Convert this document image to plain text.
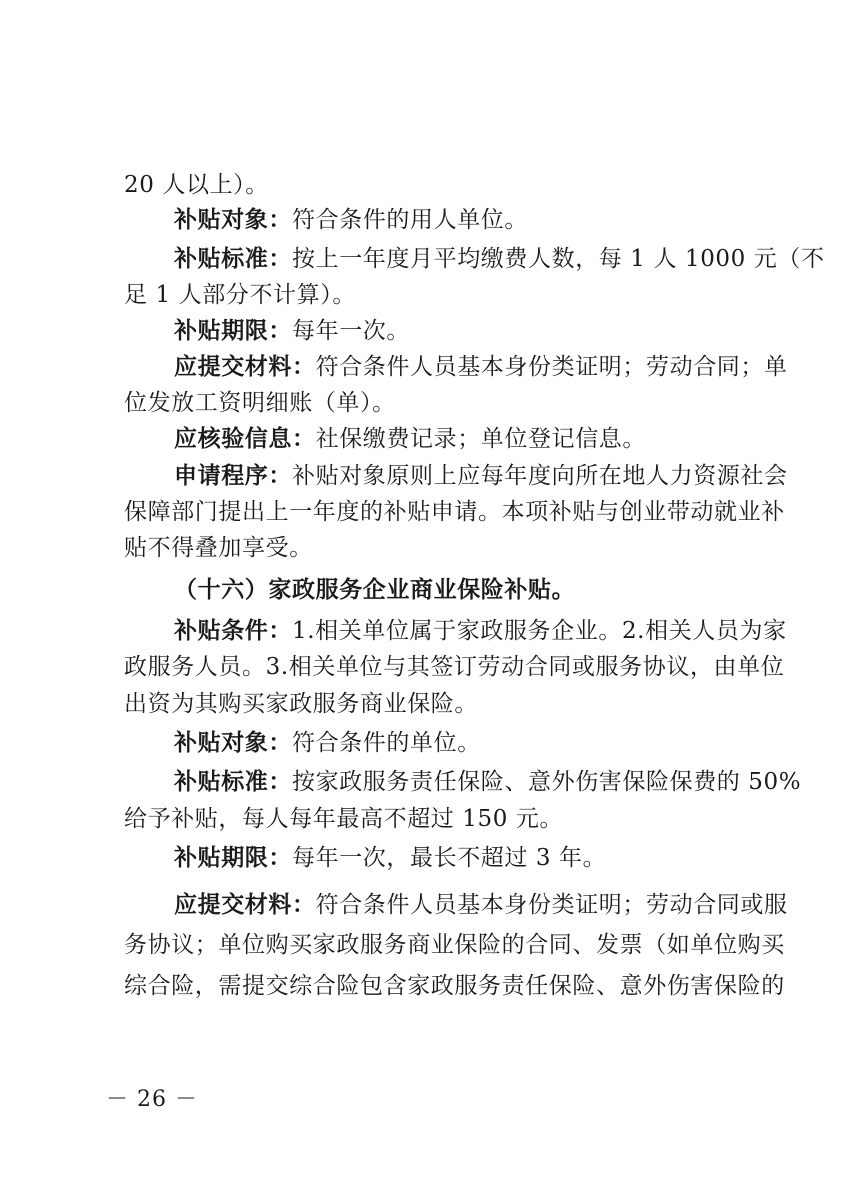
20 人以上）。
补贴对象：符合条件的用人单位。
补贴标准：按上一年度月平均缴费人数，每 1 人 1000 元（不
足 1 人部分不计算）。
补贴期限：每年一次。
应提交材料：符合条件人员基本身份类证明；劳动合同；单
位发放工资明细账（单）。
应核验信息：社保缴费记录；单位登记信息。
申请程序：补贴对象原则上应每年度向所在地人力资源社会
保障部门提出上一年度的补贴申请。本项补贴与创业带动就业补
贴不得叠加享受。
（十六）家政服务企业商业保险补贴。
补贴条件：1.相关单位属于家政服务企业。2.相关人员为家
政服务人员。3.相关单位与其签订劳动合同或服务协议，由单位
出资为其购买家政服务商业保险。
补贴对象：符合条件的单位。
补贴标准：按家政服务责任保险、意外伤害保险保费的 50%
给予补贴，每人每年最高不超过 150 元。
补贴期限：每年一次，最长不超过 3 年。
应提交材料：符合条件人员基本身份类证明；劳动合同或服
务协议；单位购买家政服务商业保险的合同、发票（如单位购买
综合险，需提交综合险包含家政服务责任保险、意外伤害保险的
－ 26 －
